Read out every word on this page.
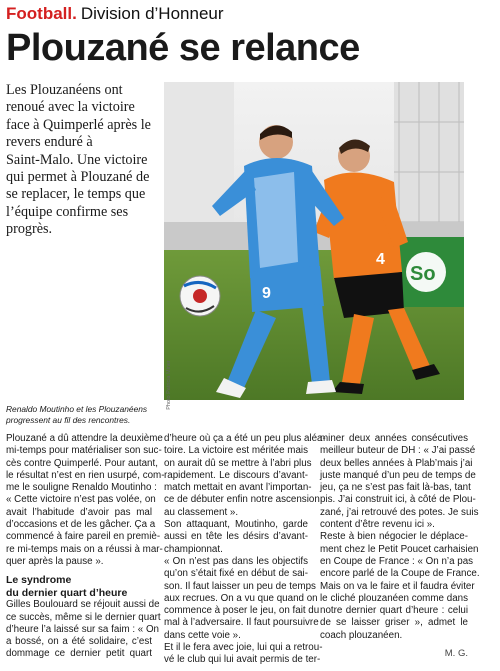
Football. Division d’Honneur
Plouzané se relance
Les Plouzanéens ont
renoué avec la victoire
face à Quimperlé après le
revers enduré à
Saint-Malo. Une victoire
qui permet à Plouzané de
se replacer, le temps que
l’équipe confirme ses
progrès.
So
4
9
Photo Patricia Miner
Renaldo Moutinho et les Plouzanéens
progressent au fil des rencontres.
Plouzané a dû attendre la deuxième
mi-temps pour matérialiser son suc-
cès contre Quimperlé. Pour autant,
le résultat n’est en rien usurpé, com-
me le souligne Renaldo Moutinho :
« Cette victoire n’est pas volée, on
avait l’habitude d’avoir pas mal
d’occasions et de les gâcher. Ça a
commencé à faire pareil en premiè-
re mi-temps mais on a réussi à mar-
quer après la pause ».
Le syndrome
du dernier quart d’heure
Gilles Boulouard se réjouit aussi de
ce succès, même si le dernier quart
d’heure l’a laissé sur sa faim : « On
a bossé, on a été solidaire, c’est
dommage ce dernier petit quart
d’heure où ça a été un peu plus aléa-
toire. La victoire est méritée mais
on aurait dû se mettre à l’abri plus
rapidement. Le discours d’avant-
match mettait en avant l’importan-
ce de débuter enfin notre ascension
au classement ».
Son attaquant, Moutinho, garde
aussi en tête les désirs d’avant-
championnat.
« On n’est pas dans les objectifs
qu’on s’était fixé en début de sai-
son. Il faut laisser un peu de temps
aux recrues. On a vu que quand on
commence à poser le jeu, on fait du
mal à l’adversaire. Il faut poursuivre
dans cette voie ».
Et il le fera avec joie, lui qui a retrou-
vé le club qui lui avait permis de ter-
miner deux années consécutives
meilleur buteur de DH : « J’ai passé
deux belles années à Plab’mais j’ai
juste manqué d’un peu de temps de
jeu, ça ne s’est pas fait là-bas, tant
pis. J’ai construit ici, à côté de Plou-
zané, j’ai retrouvé des potes. Je suis
content d’être revenu ici ».
Reste à bien négocier le déplace-
ment chez le Petit Poucet carhaisien
en Coupe de France : « On n’a pas
encore parlé de la Coupe de France.
Mais on va le faire et il faudra éviter
le cliché plouzanéen comme dans
notre dernier quart d’heure : celui
de se laisser griser », admet le
coach plouzanéen.
M. G.
